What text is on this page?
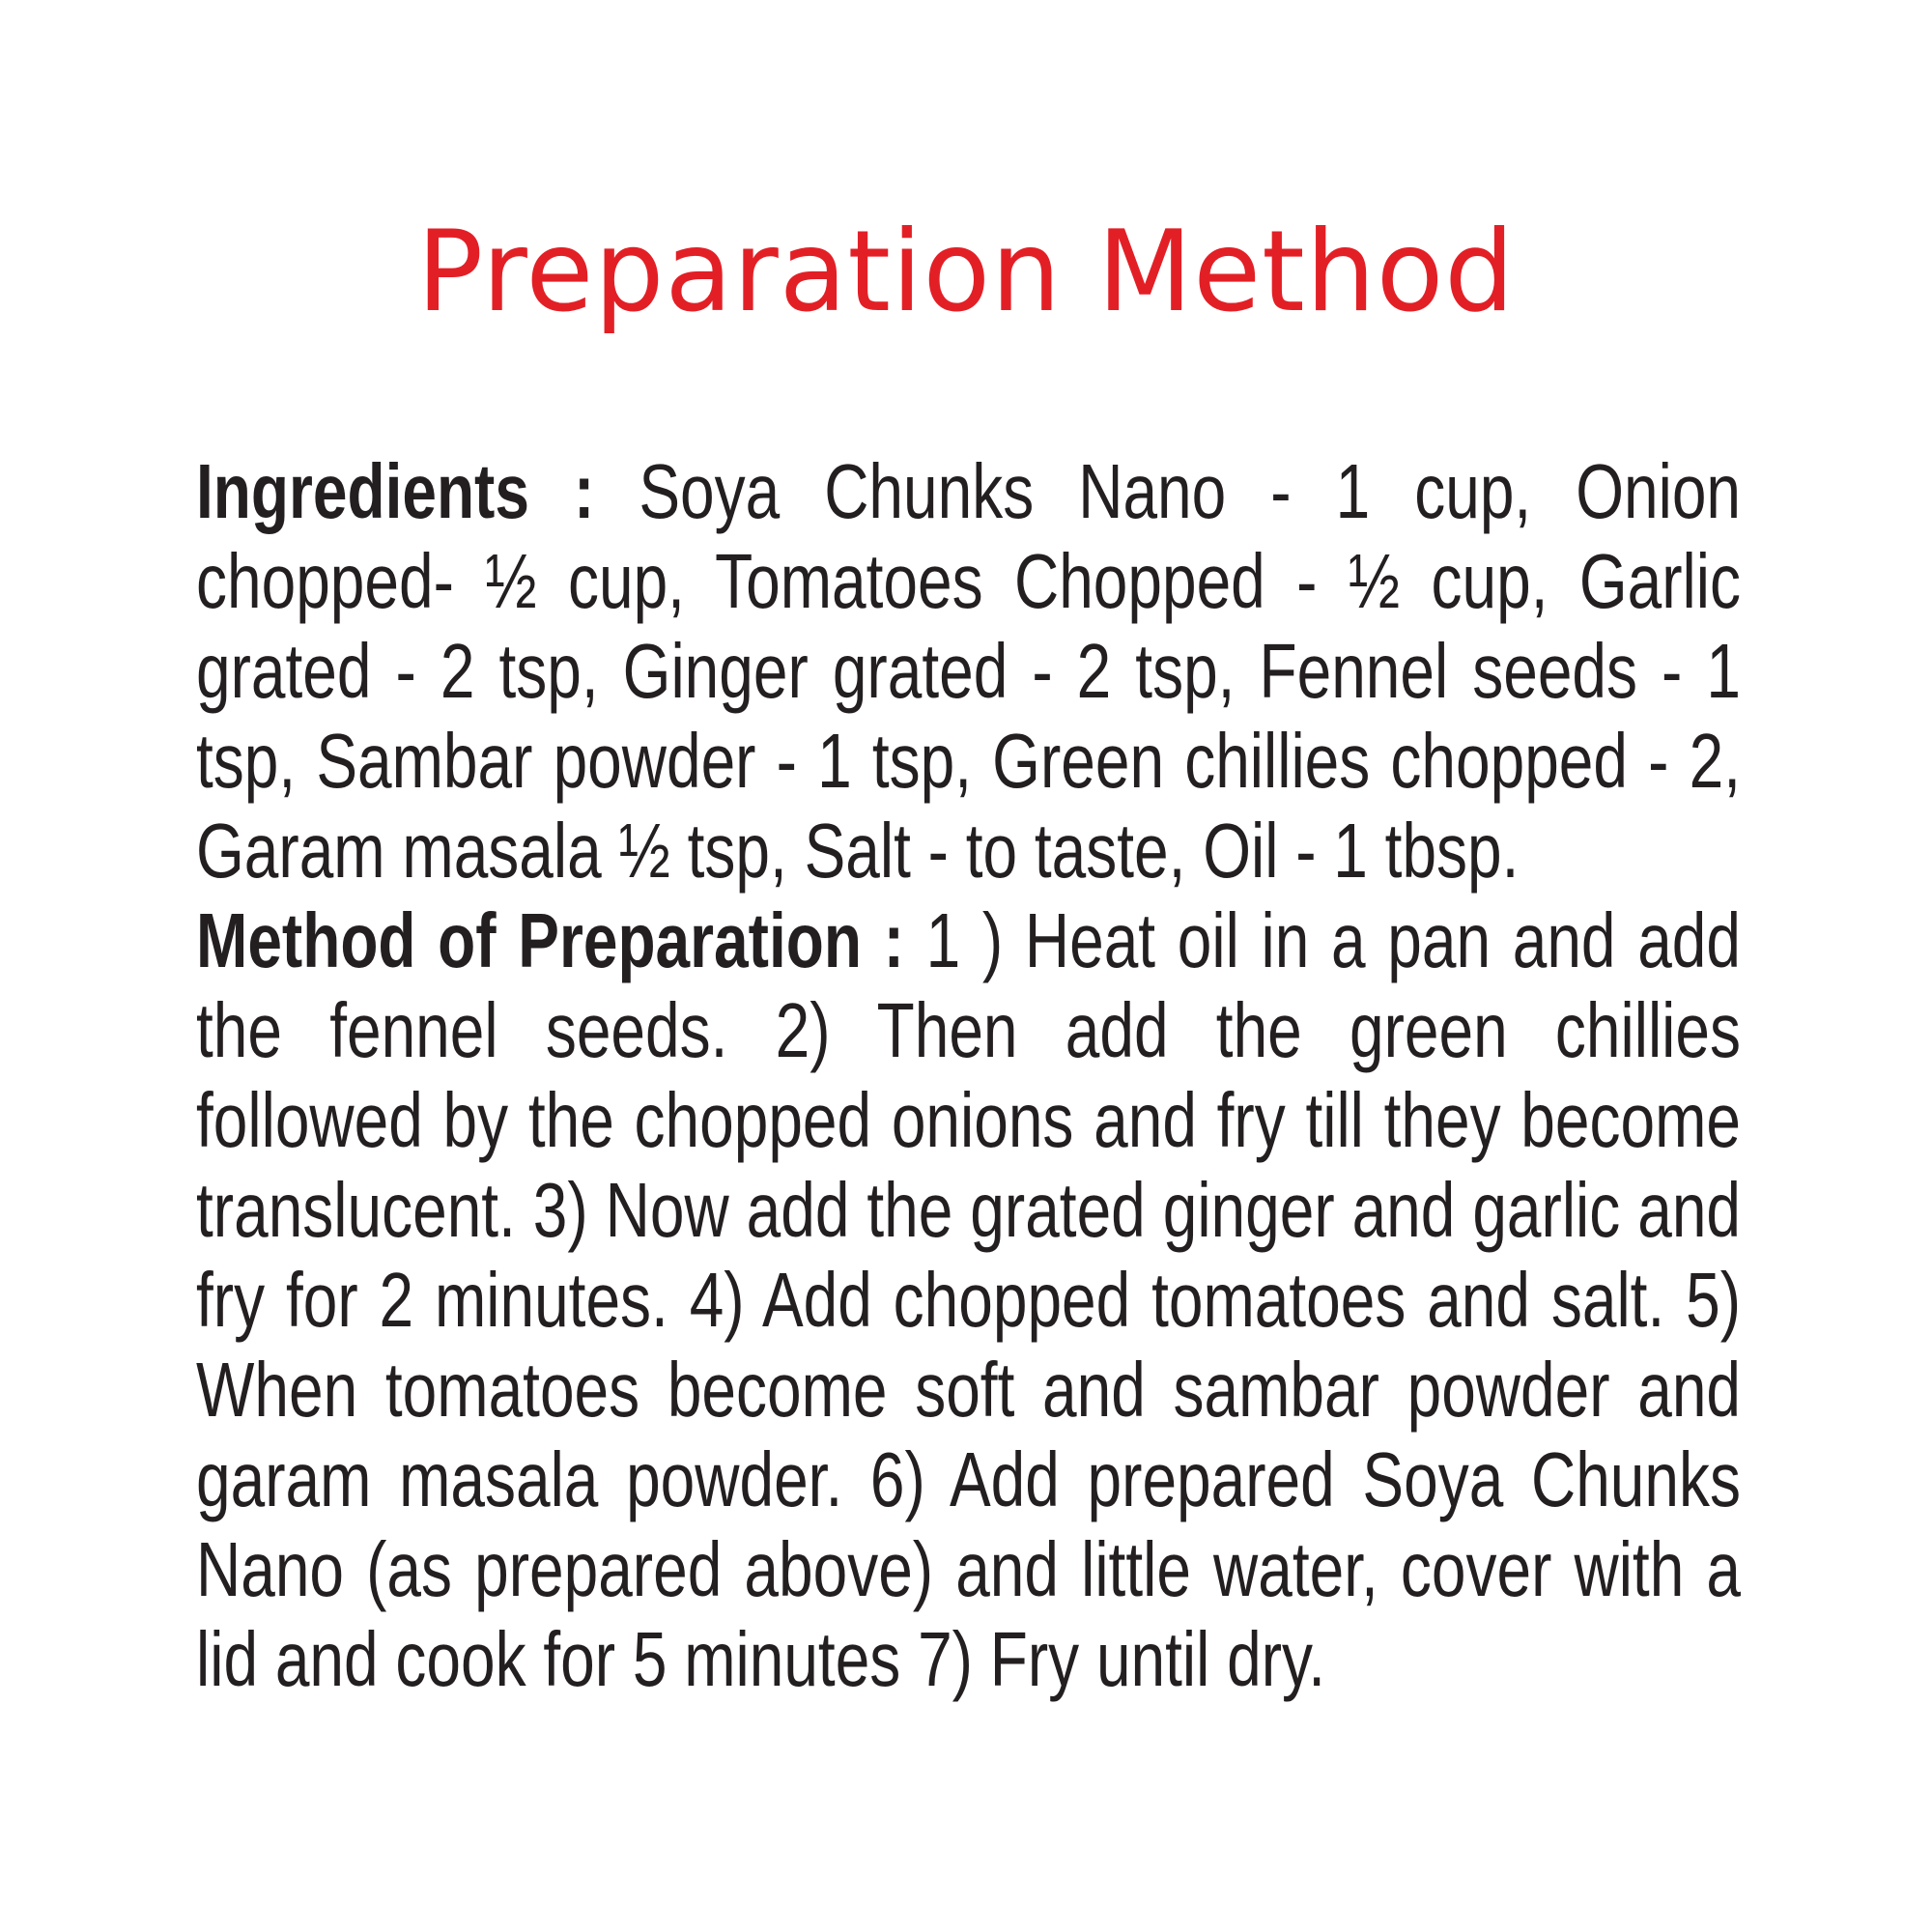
Preparation Method

Ingredients : Soya Chunks Nano - 1 cup, Onion chopped- ½ cup, Tomatoes Chopped - ½ cup, Garlic grated - 2 tsp, Ginger grated - 2 tsp, Fennel seeds - 1 tsp, Sambar powder - 1 tsp, Green chillies chopped - 2, Garam masala ½ tsp, Salt - to taste, Oil - 1 tbsp.

Method of Preparation : 1 ) Heat oil in a pan and add the fennel seeds. 2) Then add the green chillies followed by the chopped onions and fry till they become translucent. 3) Now add the grated ginger and garlic and fry for 2 minutes. 4) Add chopped tomatoes and salt. 5) When tomatoes become soft and sambar powder and garam masala powder. 6) Add prepared Soya Chunks Nano (as prepared above) and little water, cover with a lid and cook for 5 minutes 7) Fry until dry.
